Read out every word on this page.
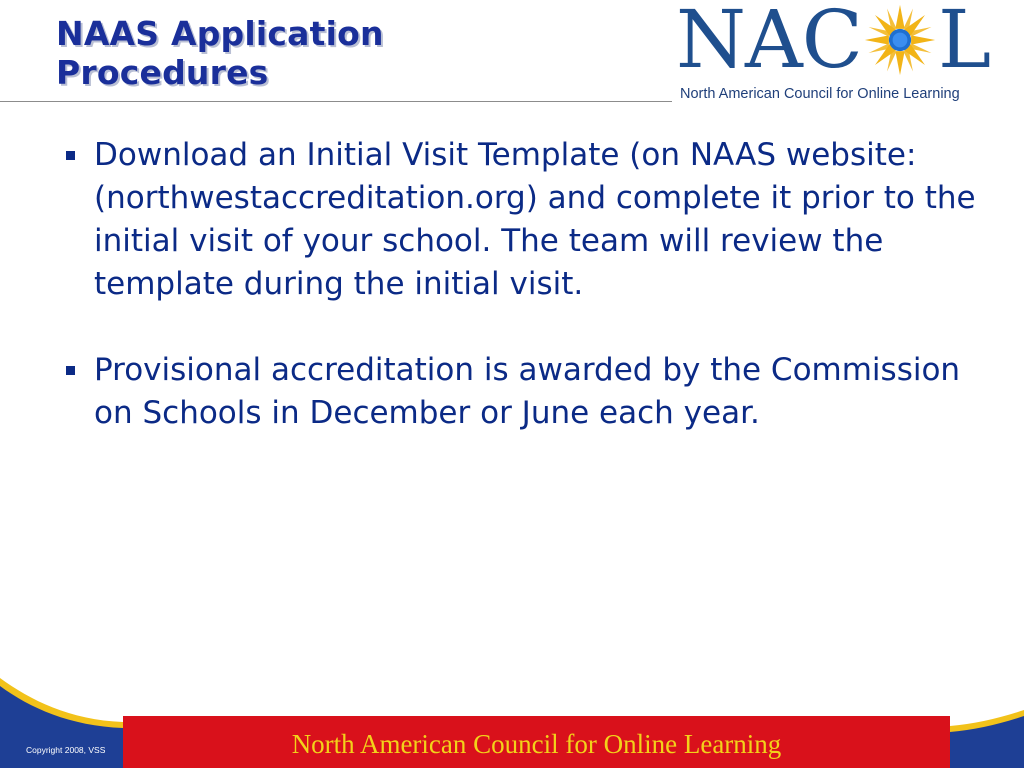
NAAS Application
Procedures	NAC L
North American Council for Online Learning
Download an Initial Visit Template (on NAAS website: (northwestaccreditation.org) and complete it prior to the initial visit of your school. The team will review the template during the initial visit.
Provisional accreditation is awarded by the Commission on Schools in December or June each year.
North American Council for Online Learning
Copyright 2008, VSS
